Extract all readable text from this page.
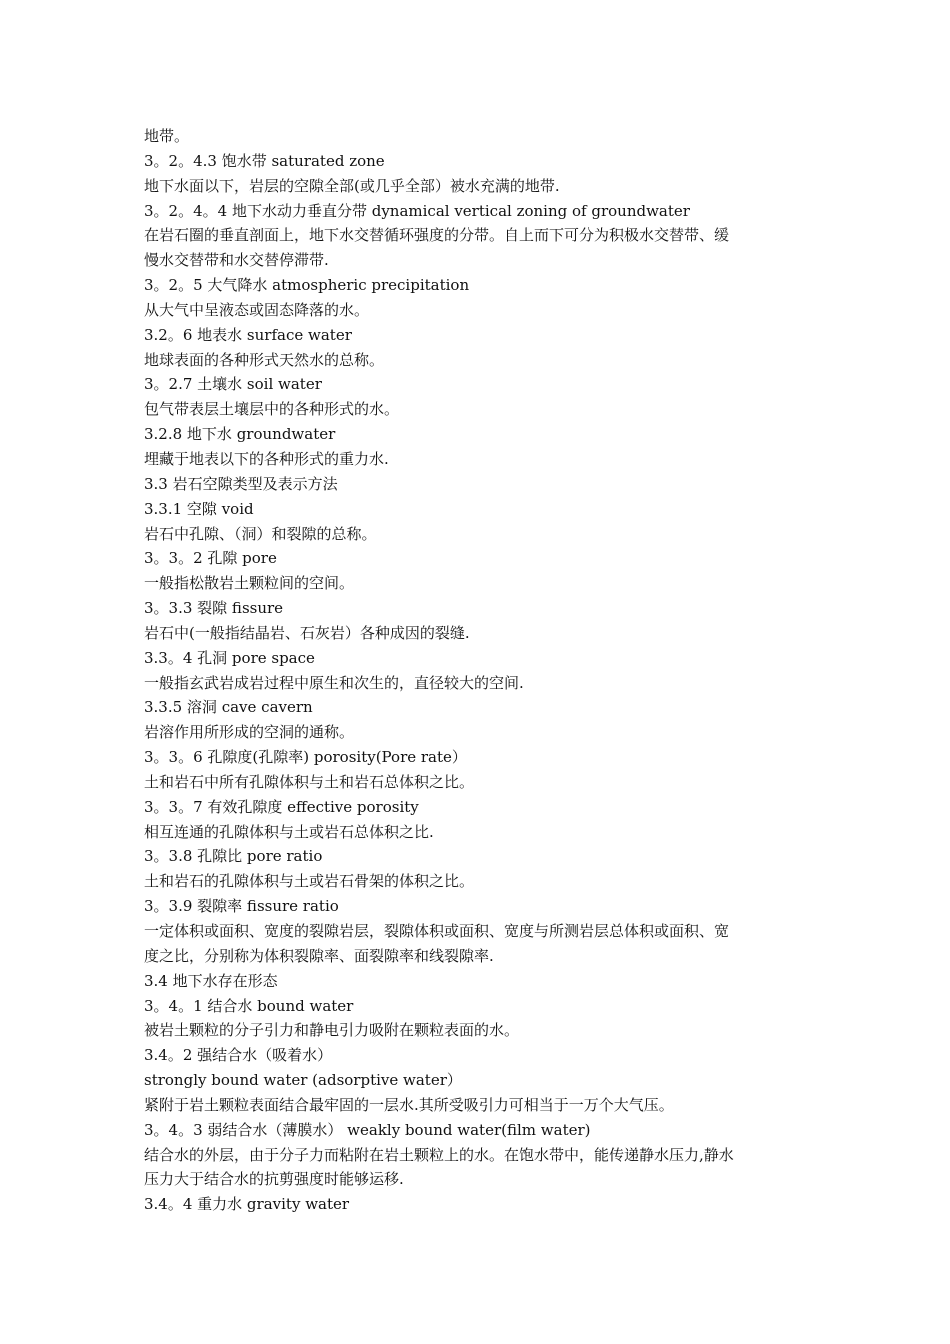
地带。
3。2。4.3 饱水带 saturated zone
地下水面以下，岩层的空隙全部(或几乎全部）被水充满的地带.
3。2。4。4 地下水动力垂直分带 dynamical vertical zoning of groundwater
在岩石圈的垂直剖面上，地下水交替循环强度的分带。自上而下可分为积极水交替带、缓
慢水交替带和水交替停滞带.
3。2。5 大气降水 atmospheric precipitation
从大气中呈液态或固态降落的水。
3.2。6 地表水 surface water
地球表面的各种形式天然水的总称。
3。2.7 土壤水 soil water
包气带表层土壤层中的各种形式的水。
3.2.8 地下水 groundwater
埋藏于地表以下的各种形式的重力水.
3.3 岩石空隙类型及表示方法
3.3.1 空隙 void
岩石中孔隙、（洞）和裂隙的总称。
3。3。2 孔隙 pore
一般指松散岩土颗粒间的空间。
3。3.3 裂隙 fissure
岩石中(一般指结晶岩、石灰岩）各种成因的裂缝.
3.3。4 孔洞 pore space
一般指玄武岩成岩过程中原生和次生的，直径较大的空间.
3.3.5 溶洞 cave cavern
岩溶作用所形成的空洞的通称。
3。3。6 孔隙度(孔隙率) porosity(Pore rate）
土和岩石中所有孔隙体积与土和岩石总体积之比。
3。3。7 有效孔隙度 effective porosity
相互连通的孔隙体积与土或岩石总体积之比.
3。3.8 孔隙比 pore ratio
土和岩石的孔隙体积与土或岩石骨架的体积之比。
3。3.9 裂隙率 fissure ratio
一定体积或面积、宽度的裂隙岩层，裂隙体积或面积、宽度与所测岩层总体积或面积、宽
度之比，分别称为体积裂隙率、面裂隙率和线裂隙率.
3.4 地下水存在形态
3。4。1 结合水 bound water
被岩土颗粒的分子引力和静电引力吸附在颗粒表面的水。
3.4。2 强结合水（吸着水）
strongly bound water (adsorptive water）
紧附于岩土颗粒表面结合最牢固的一层水.其所受吸引力可相当于一万个大气压。
3。4。3 弱结合水（薄膜水） weakly bound water(film water)
结合水的外层，由于分子力而粘附在岩土颗粒上的水。在饱水带中，能传递静水压力,静水
压力大于结合水的抗剪强度时能够运移.
3.4。4 重力水 gravity water
